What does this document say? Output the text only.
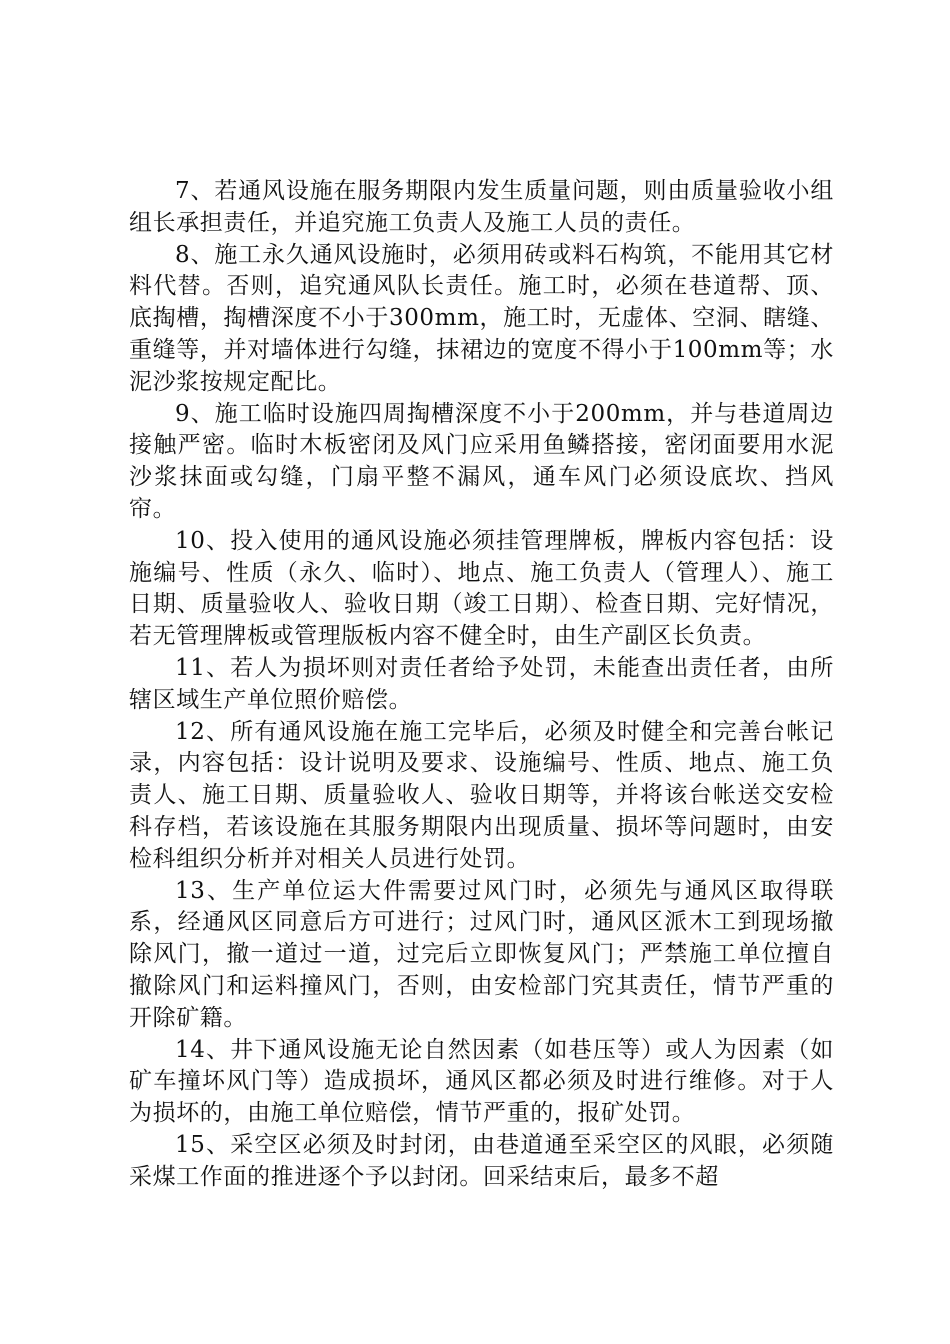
7、若通风设施在服务期限内发生质量问题，则由质量验收小组组长承担责任，并追究施工负责人及施工人员的责任。

8、施工永久通风设施时，必须用砖或料石构筑，不能用其它材料代替。否则，追究通风队长责任。施工时，必须在巷道帮、顶、底掏槽，掏槽深度不小于300mm，施工时，无虚体、空洞、瞎缝、重缝等，并对墙体进行勾缝，抹裙边的宽度不得小于100mm等；水泥沙浆按规定配比。

9、施工临时设施四周掏槽深度不小于200mm，并与巷道周边接触严密。临时木板密闭及风门应采用鱼鳞搭接，密闭面要用水泥沙浆抹面或勾缝，门扇平整不漏风，通车风门必须设底坎、挡风帘。

10、投入使用的通风设施必须挂管理牌板，牌板内容包括：设施编号、性质（永久、临时）、地点、施工负责人（管理人）、施工日期、质量验收人、验收日期（竣工日期）、检查日期、完好情况，若无管理牌板或管理版板内容不健全时，由生产副区长负责。

11、若人为损坏则对责任者给予处罚，未能查出责任者，由所辖区域生产单位照价赔偿。

12、所有通风设施在施工完毕后，必须及时健全和完善台帐记录，内容包括：设计说明及要求、设施编号、性质、地点、施工负责人、施工日期、质量验收人、验收日期等，并将该台帐送交安检科存档，若该设施在其服务期限内出现质量、损坏等问题时，由安检科组织分析并对相关人员进行处罚。

13、生产单位运大件需要过风门时，必须先与通风区取得联系，经通风区同意后方可进行；过风门时，通风区派木工到现场撤除风门，撤一道过一道，过完后立即恢复风门；严禁施工单位擅自撤除风门和运料撞风门，否则，由安检部门究其责任，情节严重的开除矿籍。

14、井下通风设施无论自然因素（如巷压等）或人为因素（如矿车撞坏风门等）造成损坏，通风区都必须及时进行维修。对于人为损坏的，由施工单位赔偿，情节严重的，报矿处罚。

15、采空区必须及时封闭，由巷道通至采空区的风眼，必须随采煤工作面的推进逐个予以封闭。回采结束后，最多不超
